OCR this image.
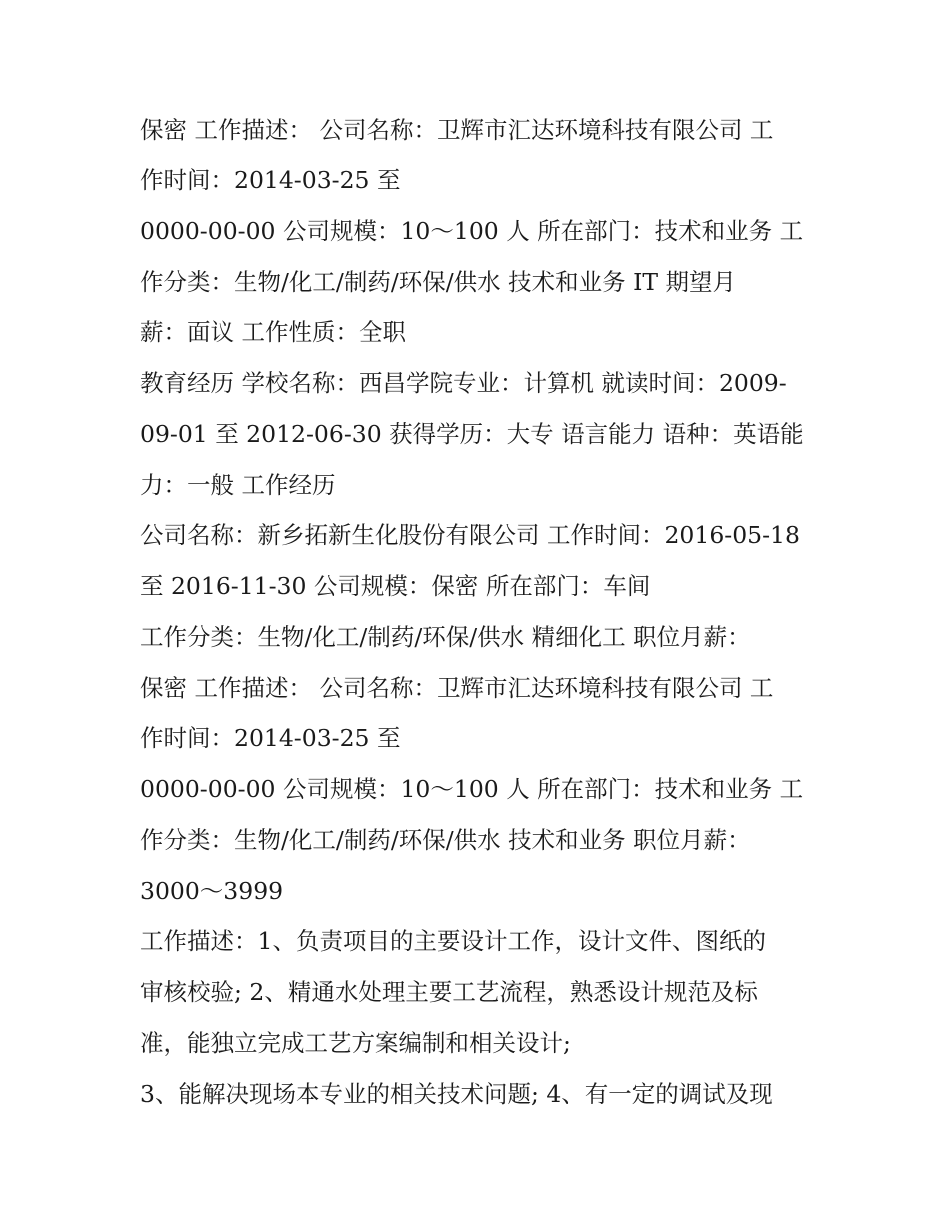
保密 工作描述： 公司名称：卫辉市汇达环境科技有限公司 工
作时间：2014-03-25 至
0000-00-00 公司规模：10～100 人 所在部门：技术和业务 工
作分类：生物/化工/制药/环保/供水 技术和业务 IT 期望月
薪：面议 工作性质：全职
教育经历 学校名称：西昌学院专业：计算机 就读时间：2009-
09-01 至 2012-06-30 获得学历：大专 语言能力 语种：英语能
力：一般 工作经历
公司名称：新乡拓新生化股份有限公司 工作时间：2016-05-18
至 2016-11-30 公司规模：保密 所在部门：车间
工作分类：生物/化工/制药/环保/供水 精细化工 职位月薪：
保密 工作描述： 公司名称：卫辉市汇达环境科技有限公司 工
作时间：2014-03-25 至
0000-00-00 公司规模：10～100 人 所在部门：技术和业务 工
作分类：生物/化工/制药/环保/供水 技术和业务 职位月薪：
3000～3999
工作描述：1、负责项目的主要设计工作，设计文件、图纸的
审核校验; 2、精通水处理主要工艺流程，熟悉设计规范及标
准，能独立完成工艺方案编制和相关设计;
3、能解决现场本专业的相关技术问题; 4、有一定的调试及现
